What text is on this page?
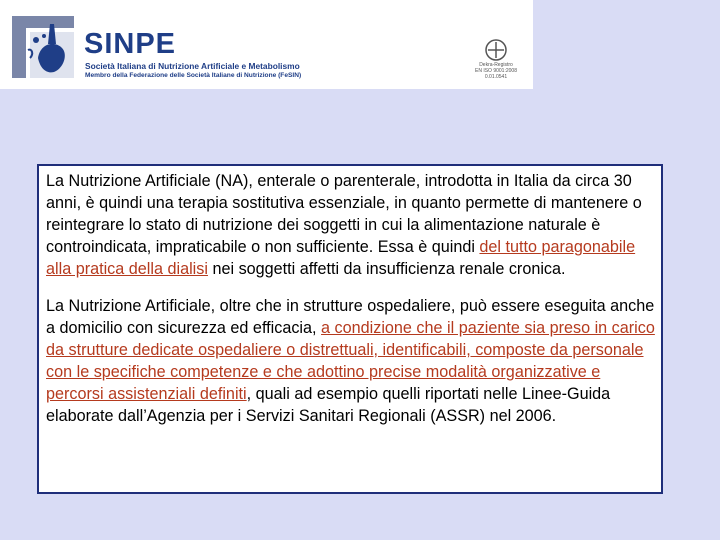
SINPE
Società Italiana di Nutrizione Artificiale e Metabolismo
Membro della Federazione delle Società Italiane di Nutrizione (FeSIN)
Dekra-Registro
EN ISO 9001:2008
0.01.0541

La Nutrizione Artificiale (NA), enterale o parenterale, introdotta in Italia da circa 30 anni, è quindi una terapia sostitutiva essenziale, in quanto permette di mantenere o reintegrare lo stato di nutrizione dei soggetti in cui la alimentazione naturale è controindicata, impraticabile o non sufficiente. Essa è quindi del tutto paragonabile alla pratica della dialisi nei soggetti affetti da insufficienza renale cronica.

La Nutrizione Artificiale, oltre che in strutture ospedaliere, può essere eseguita anche a domicilio con sicurezza ed efficacia, a condizione che il paziente sia preso in carico da strutture dedicate ospedaliere o distrettuali, identificabili, composte da personale con le specifiche competenze e che adottino precise modalità organizzative e percorsi assistenziali definiti, quali ad esempio quelli riportati nelle Linee-Guida elaborate dall’Agenzia per i Servizi Sanitari Regionali (ASSR) nel 2006.
